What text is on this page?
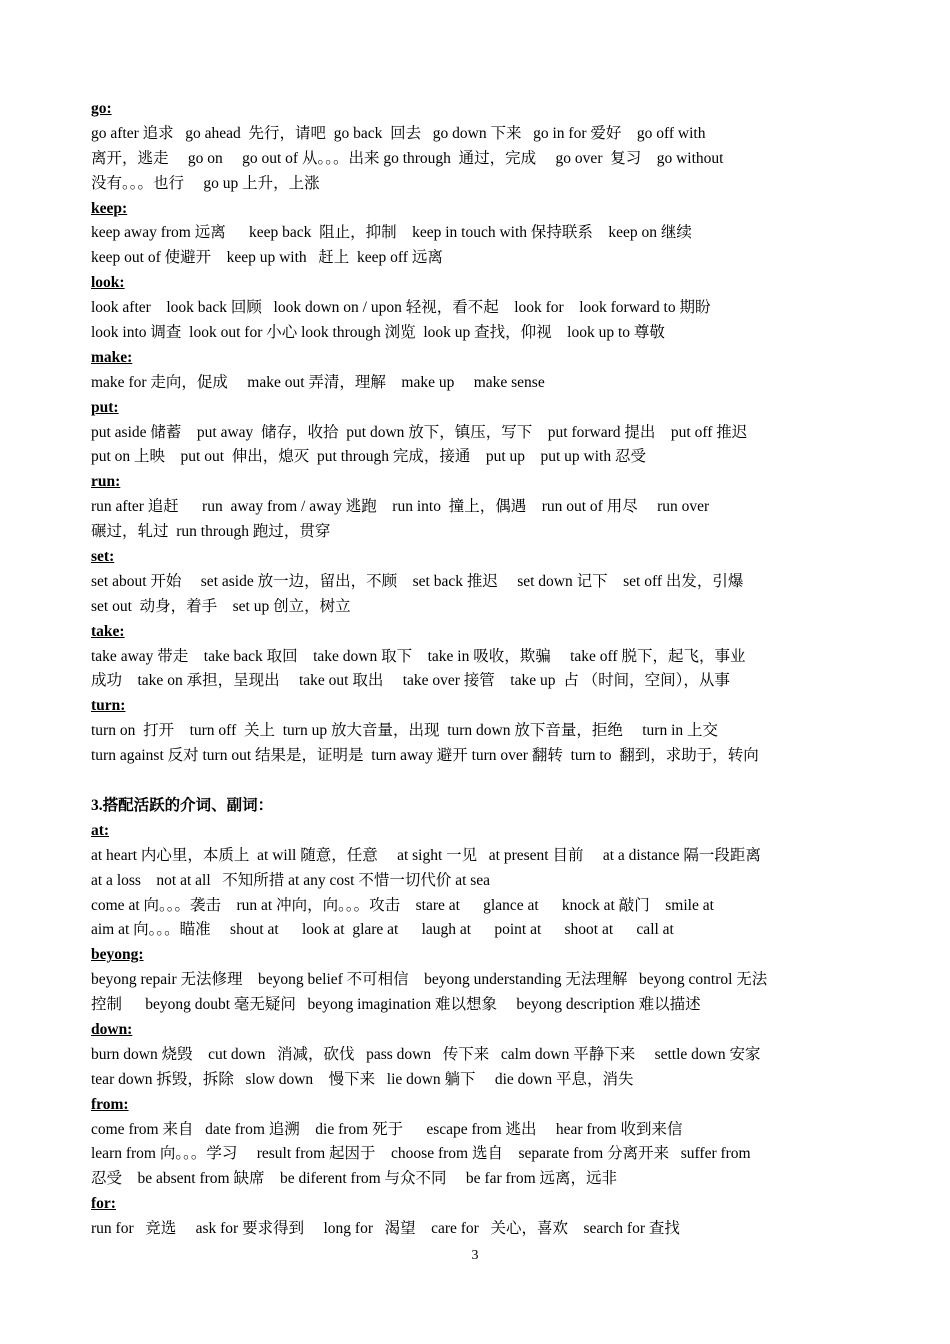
go:
go after 追求   go ahead  先行，请吧  go back  回去   go down 下来   go in for 爱好    go off with
离开，逃走     go on     go out of 从。。。出来 go through  通过，完成     go over  复习    go without
没有。。。也行     go up 上升，上涨
keep:
keep away from 远离      keep back  阻止，抑制    keep in touch with 保持联系    keep on 继续
keep out of 使避开    keep up with   赶上  keep off 远离
look:
look after    look back 回顾   look down on / upon 轻视，看不起    look for    look forward to 期盼
look into 调查  look out for 小心 look through 浏览  look up 查找，仰视    look up to 尊敬
make:
make for 走向，促成     make out 弄清，理解    make up     make sense
put:
put aside 储蓄    put away  储存，收拾  put down 放下，镇压，写下    put forward 提出    put off 推迟
put on 上映    put out  伸出，熄灭  put through 完成，接通    put up    put up with 忍受
run:
run after 追赶      run  away from / away 逃跑    run into  撞上，偶遇    run out of 用尽     run over
碾过，轧过  run through 跑过，贯穿
set:
set about 开始     set aside 放一边，留出，不顾    set back 推迟     set down 记下    set off 出发，引爆
set out  动身，着手    set up 创立，树立
take:
take away 带走    take back 取回    take down 取下    take in 吸收，欺骗     take off 脱下，起飞，事业
成功    take on 承担，呈现出     take out 取出     take over 接管    take up  占 （时间，空间），从事
turn:
turn on  打开    turn off  关上  turn up 放大音量，出现  turn down 放下音量，拒绝     turn in 上交
turn against 反对 turn out 结果是，证明是  turn away 避开 turn over 翻转  turn to  翻到，求助于，转向
3.搭配活跃的介词、副词：
at:
at heart 内心里，本质上  at will 随意，任意     at sight 一见   at present 目前     at a distance 隔一段距离
at a loss    not at all   不知所措 at any cost 不惜一切代价 at sea
come at 向。。。袭击    run at 冲向，向。。。攻击    stare at      glance at      knock at 敲门    smile at
aim at 向。。。瞄准     shout at      look at  glare at      laugh at      point at      shoot at      call at
beyong:
beyong repair 无法修理    beyong belief 不可相信    beyong understanding 无法理解   beyong control 无法
控制      beyong doubt 毫无疑问   beyong imagination 难以想象     beyong description 难以描述
down:
burn down 烧毁    cut down   消减，砍伐   pass down   传下来   calm down 平静下来     settle down 安家
tear down 拆毁，拆除   slow down    慢下来   lie down 躺下     die down 平息，消失
from:
come from 来自   date from 追溯    die from 死于      escape from 逃出     hear from 收到来信
learn from 向。。。学习     result from 起因于    choose from 选自    separate from 分离开来   suffer from
忍受    be absent from 缺席    be diferent from 与众不同     be far from 远离，远非
for:
run for   竞选     ask for 要求得到     long for   渴望    care for   关心，喜欢    search for 查找
3
